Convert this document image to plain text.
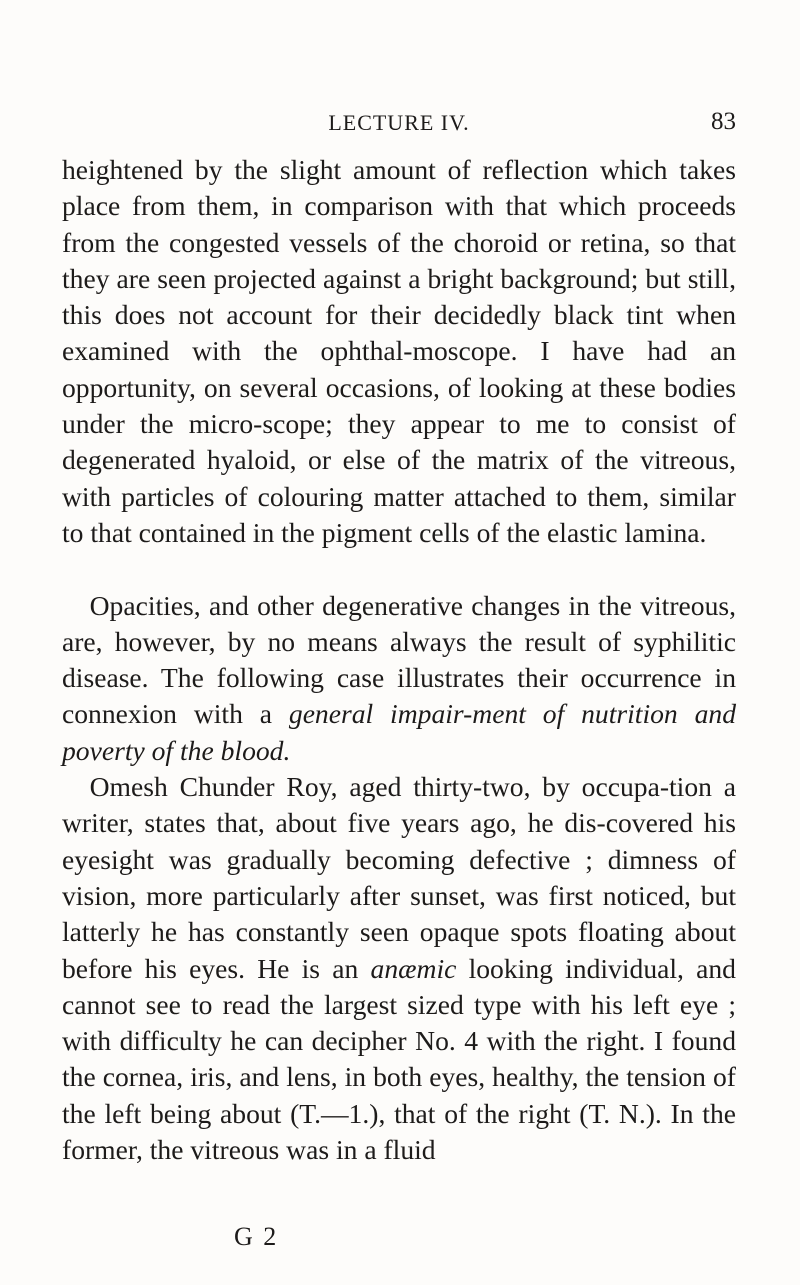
LECTURE IV.	83

heightened by the slight amount of reflection which takes place from them, in comparison with that which proceeds from the congested vessels of the choroid or retina, so that they are seen projected against a bright background; but still, this does not account for their decidedly black tint when examined with the ophthal-moscope. I have had an opportunity, on several occasions, of looking at these bodies under the micro-scope; they appear to me to consist of degenerated hyaloid, or else of the matrix of the vitreous, with particles of colouring matter attached to them, similar to that contained in the pigment cells of the elastic lamina.

Opacities, and other degenerative changes in the vitreous, are, however, by no means always the result of syphilitic disease. The following case illustrates their occurrence in connexion with a general impair-ment of nutrition and poverty of the blood.

Omesh Chunder Roy, aged thirty-two, by occupa-tion a writer, states that, about five years ago, he dis-covered his eyesight was gradually becoming defective ; dimness of vision, more particularly after sunset, was first noticed, but latterly he has constantly seen opaque spots floating about before his eyes. He is an anæmic looking individual, and cannot see to read the largest sized type with his left eye ; with difficulty he can decipher No. 4 with the right. I found the cornea, iris, and lens, in both eyes, healthy, the tension of the left being about (T.—1.), that of the right (T. N.). In the former, the vitreous was in a fluid

G 2
